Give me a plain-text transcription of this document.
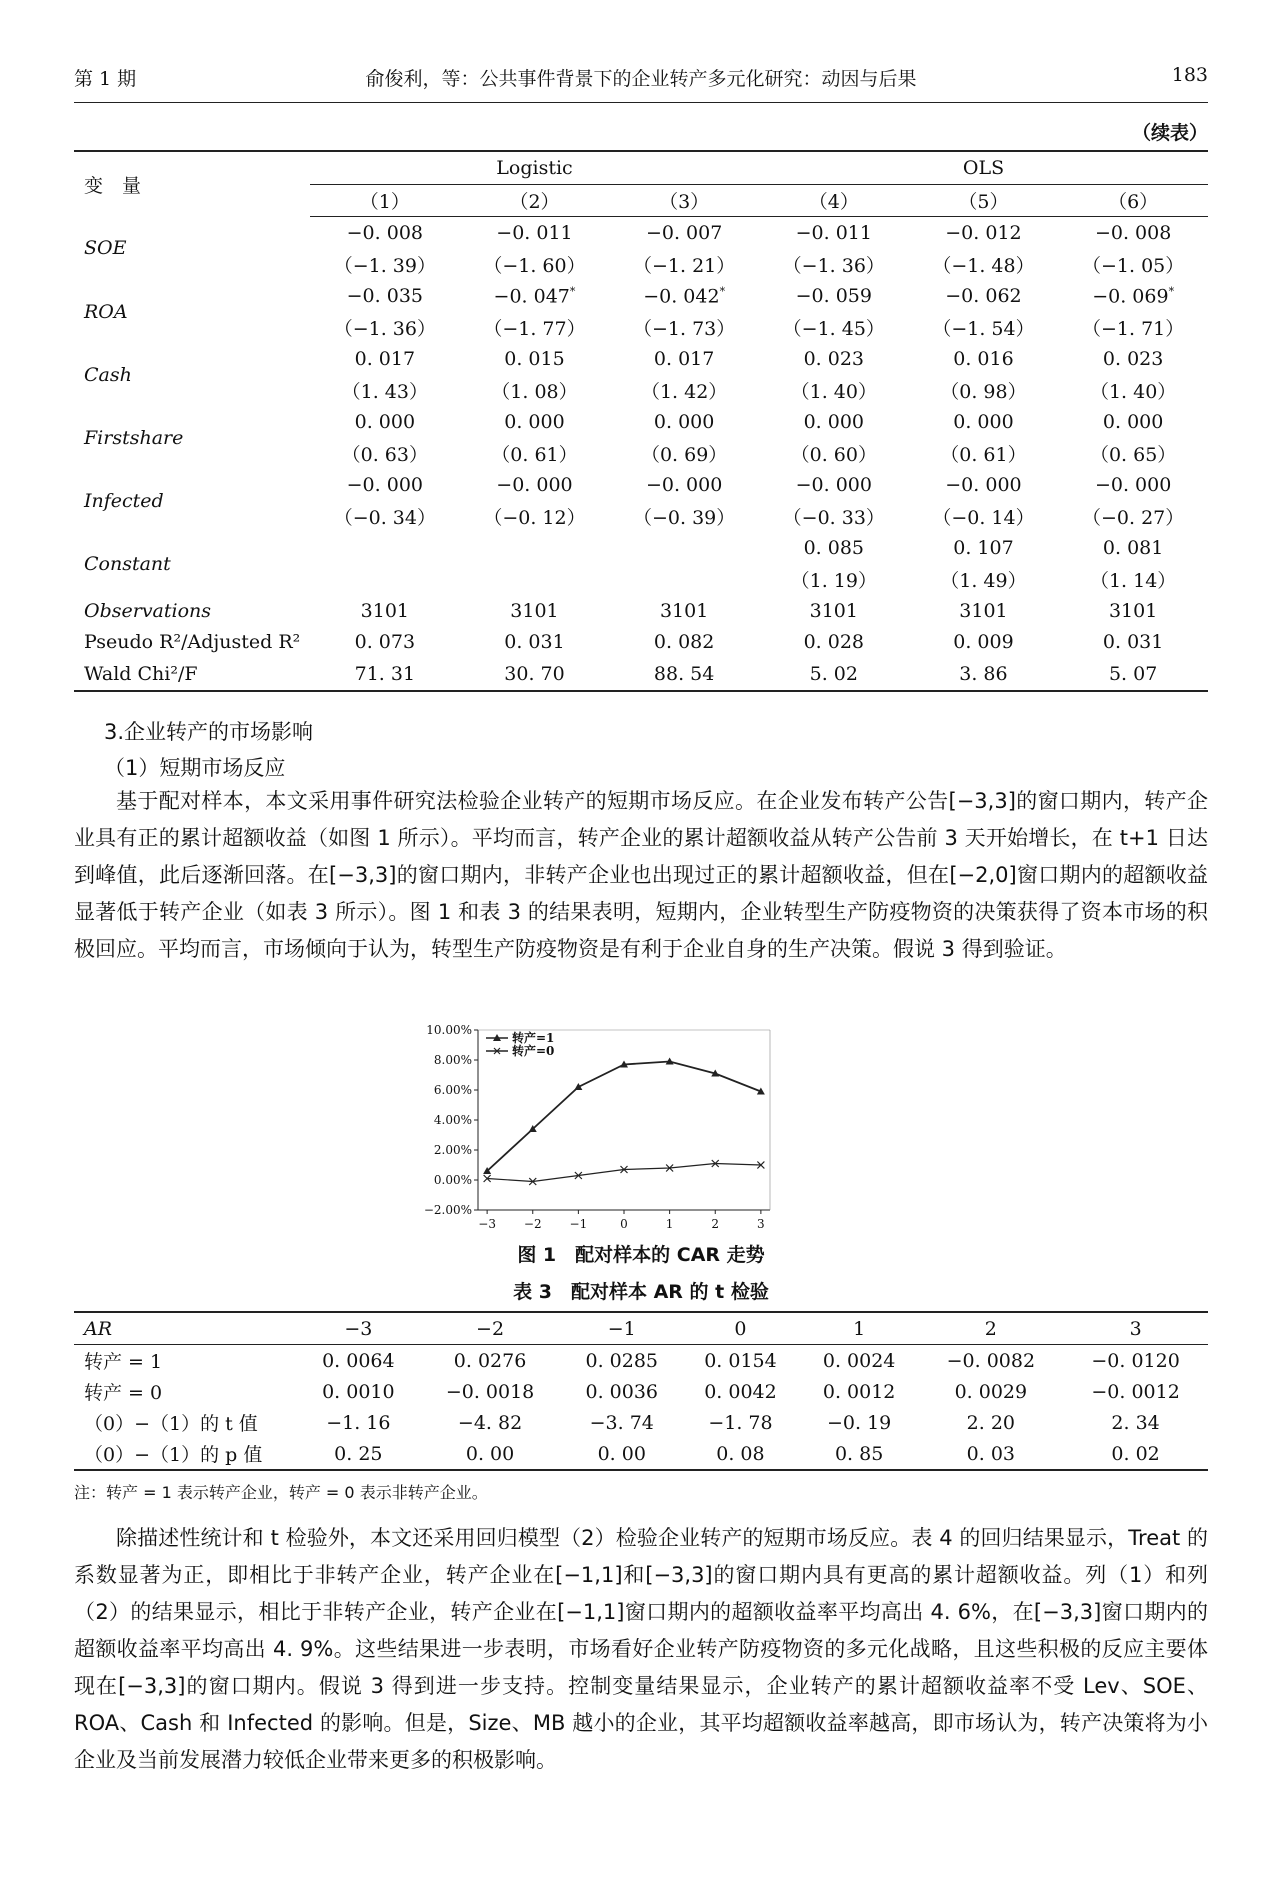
第 1 期	俞俊利，等：公共事件背景下的企业转产多元化研究：动因与后果	183
（续表）
变　量	Logistic			OLS		
	（1）	（2）	（3）	（4）	（5）	（6）
SOE	−0. 008	−0. 011	−0. 007	−0. 011	−0. 012	−0. 008
	（−1. 39）	（−1. 60）	（−1. 21）	（−1. 36）	（−1. 48）	（−1. 05）
ROA	−0. 035	−0. 047*	−0. 042*	−0. 059	−0. 062	−0. 069*
	（−1. 36）	（−1. 77）	（−1. 73）	（−1. 45）	（−1. 54）	（−1. 71）
Cash	0. 017	0. 015	0. 017	0. 023	0. 016	0. 023
	（1. 43）	（1. 08）	（1. 42）	（1. 40）	（0. 98）	（1. 40）
Firstshare	0. 000	0. 000	0. 000	0. 000	0. 000	0. 000
	（0. 63）	（0. 61）	（0. 69）	（0. 60）	（0. 61）	（0. 65）
Infected	−0. 000	−0. 000	−0. 000	−0. 000	−0. 000	−0. 000
	（−0. 34）	（−0. 12）	（−0. 39）	（−0. 33）	（−0. 14）	（−0. 27）
Constant				0. 085	0. 107	0. 081
				（1. 19）	（1. 49）	（1. 14）
Observations	3101	3101	3101	3101	3101	3101
Pseudo R²/Adjusted R²	0. 073	0. 031	0. 082	0. 028	0. 009	0. 031
Wald Chi²/F	71. 31	30. 70	88. 54	5. 02	3. 86	5. 07
3.企业转产的市场影响
（1）短期市场反应

基于配对样本，本文采用事件研究法检验企业转产的短期市场反应。在企业发布转产公告[−3,3]的窗口期内，转产企业具有正的累计超额收益（如图 1 所示）。平均而言，转产企业的累计超额收益从转产公告前 3 天开始增长，在 t+1 日达到峰值，此后逐渐回落。在[−3,3]的窗口期内，非转产企业也出现过正的累计超额收益，但在[−2,0]窗口期内的超额收益显著低于转产企业（如表 3 所示）。图 1 和表 3 的结果表明，短期内，企业转型生产防疫物资的决策获得了资本市场的积极回应。平均而言，市场倾向于认为，转型生产防疫物资是有利于企业自身的生产决策。假说 3 得到验证。

10.00%
8.00%
6.00%
4.00%
2.00%
0.00%
−2.00%
−3 −2 −1	0	1	2	3
转产=1
转产=0
图 1　配对样本的 CAR 走势
表 3　配对样本 AR 的 t 检验
AR	−3	−2	−1	0	1	2	3
转产 = 1	0. 0064	0. 0276	0. 0285	0. 0154	0. 0024	−0. 0082	−0. 0120
转产 = 0	0. 0010	−0. 0018	0. 0036	0. 0042	0. 0012	0. 0029	−0. 0012
（0）−（1）的 t 值	−1. 16	−4. 82	−3. 74	−1. 78	−0. 19	2. 20	2. 34
（0）−（1）的 p 值	0. 25	0. 00	0. 00	0. 08	0. 85	0. 03	0. 02
注：转产 = 1 表示转产企业，转产 = 0 表示非转产企业。

除描述性统计和 t 检验外，本文还采用回归模型（2）检验企业转产的短期市场反应。表 4 的回归结果显示，Treat 的系数显著为正，即相比于非转产企业，转产企业在[−1,1]和[−3,3]的窗口期内具有更高的累计超额收益。列（1）和列（2）的结果显示，相比于非转产企业，转产企业在[−1,1]窗口期内的超额收益率平均高出 4. 6%，在[−3,3]窗口期内的超额收益率平均高出 4. 9%。这些结果进一步表明，市场看好企业转产防疫物资的多元化战略，且这些积极的反应主要体现在[−3,3]的窗口期内。假说 3 得到进一步支持。控制变量结果显示，企业转产的累计超额收益率不受 Lev、SOE、ROA、Cash 和 Infected 的影响。但是，Size、MB 越小的企业，其平均超额收益率越高，即市场认为，转产决策将为小企业及当前发展潜力较低企业带来更多的积极影响。
